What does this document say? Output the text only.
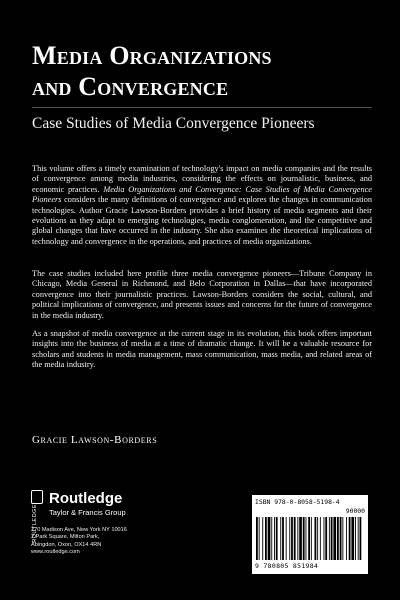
Media Organizations
and Convergence
Case Studies of Media Convergence Pioneers
This volume offers a timely examination of technology's impact on media companies and the results of convergence among media industries, considering the effects on journalistic, business, and economic practices. Media Organizations and Convergence: Case Studies of Media Convergence Pioneers considers the many definitions of convergence and explores the changes in communication technologies. Author Gracie Lawson-Borders provides a brief history of media segments and their evolutions as they adapt to emerging technologies, media conglomeration, and the competitive and global changes that have occurred in the industry. She also examines the theoretical implications of technology and convergence in the operations, and practices of media organizations.
The case studies included here profile three media convergence pioneers—Tribune Company in Chicago, Media General in Richmond, and Belo Corporation in Dallas—that have incorporated convergence into their journalistic practices. Lawson-Borders considers the social, cultural, and political implications of convergence, and presents issues and concerns for the future of convergence in the media industry.
As a snapshot of media convergence at the current stage in its evolution, this book offers important insights into the business of media at a time of dramatic change. It will be a valuable resource for scholars and students in media management, mass communication, mass media, and related areas of the media industry.
Gracie Lawson-Borders
ROUTLEDGE
Routledge
Taylor & Francis Group
270 Madison Ave, New York NY 10016
2 Park Square, Milton Park,
Abingdon, Oxon, OX14 4RN
www.routledge.com
ISBN 978-0-8058-5198-4
90000
9 780805 851984
